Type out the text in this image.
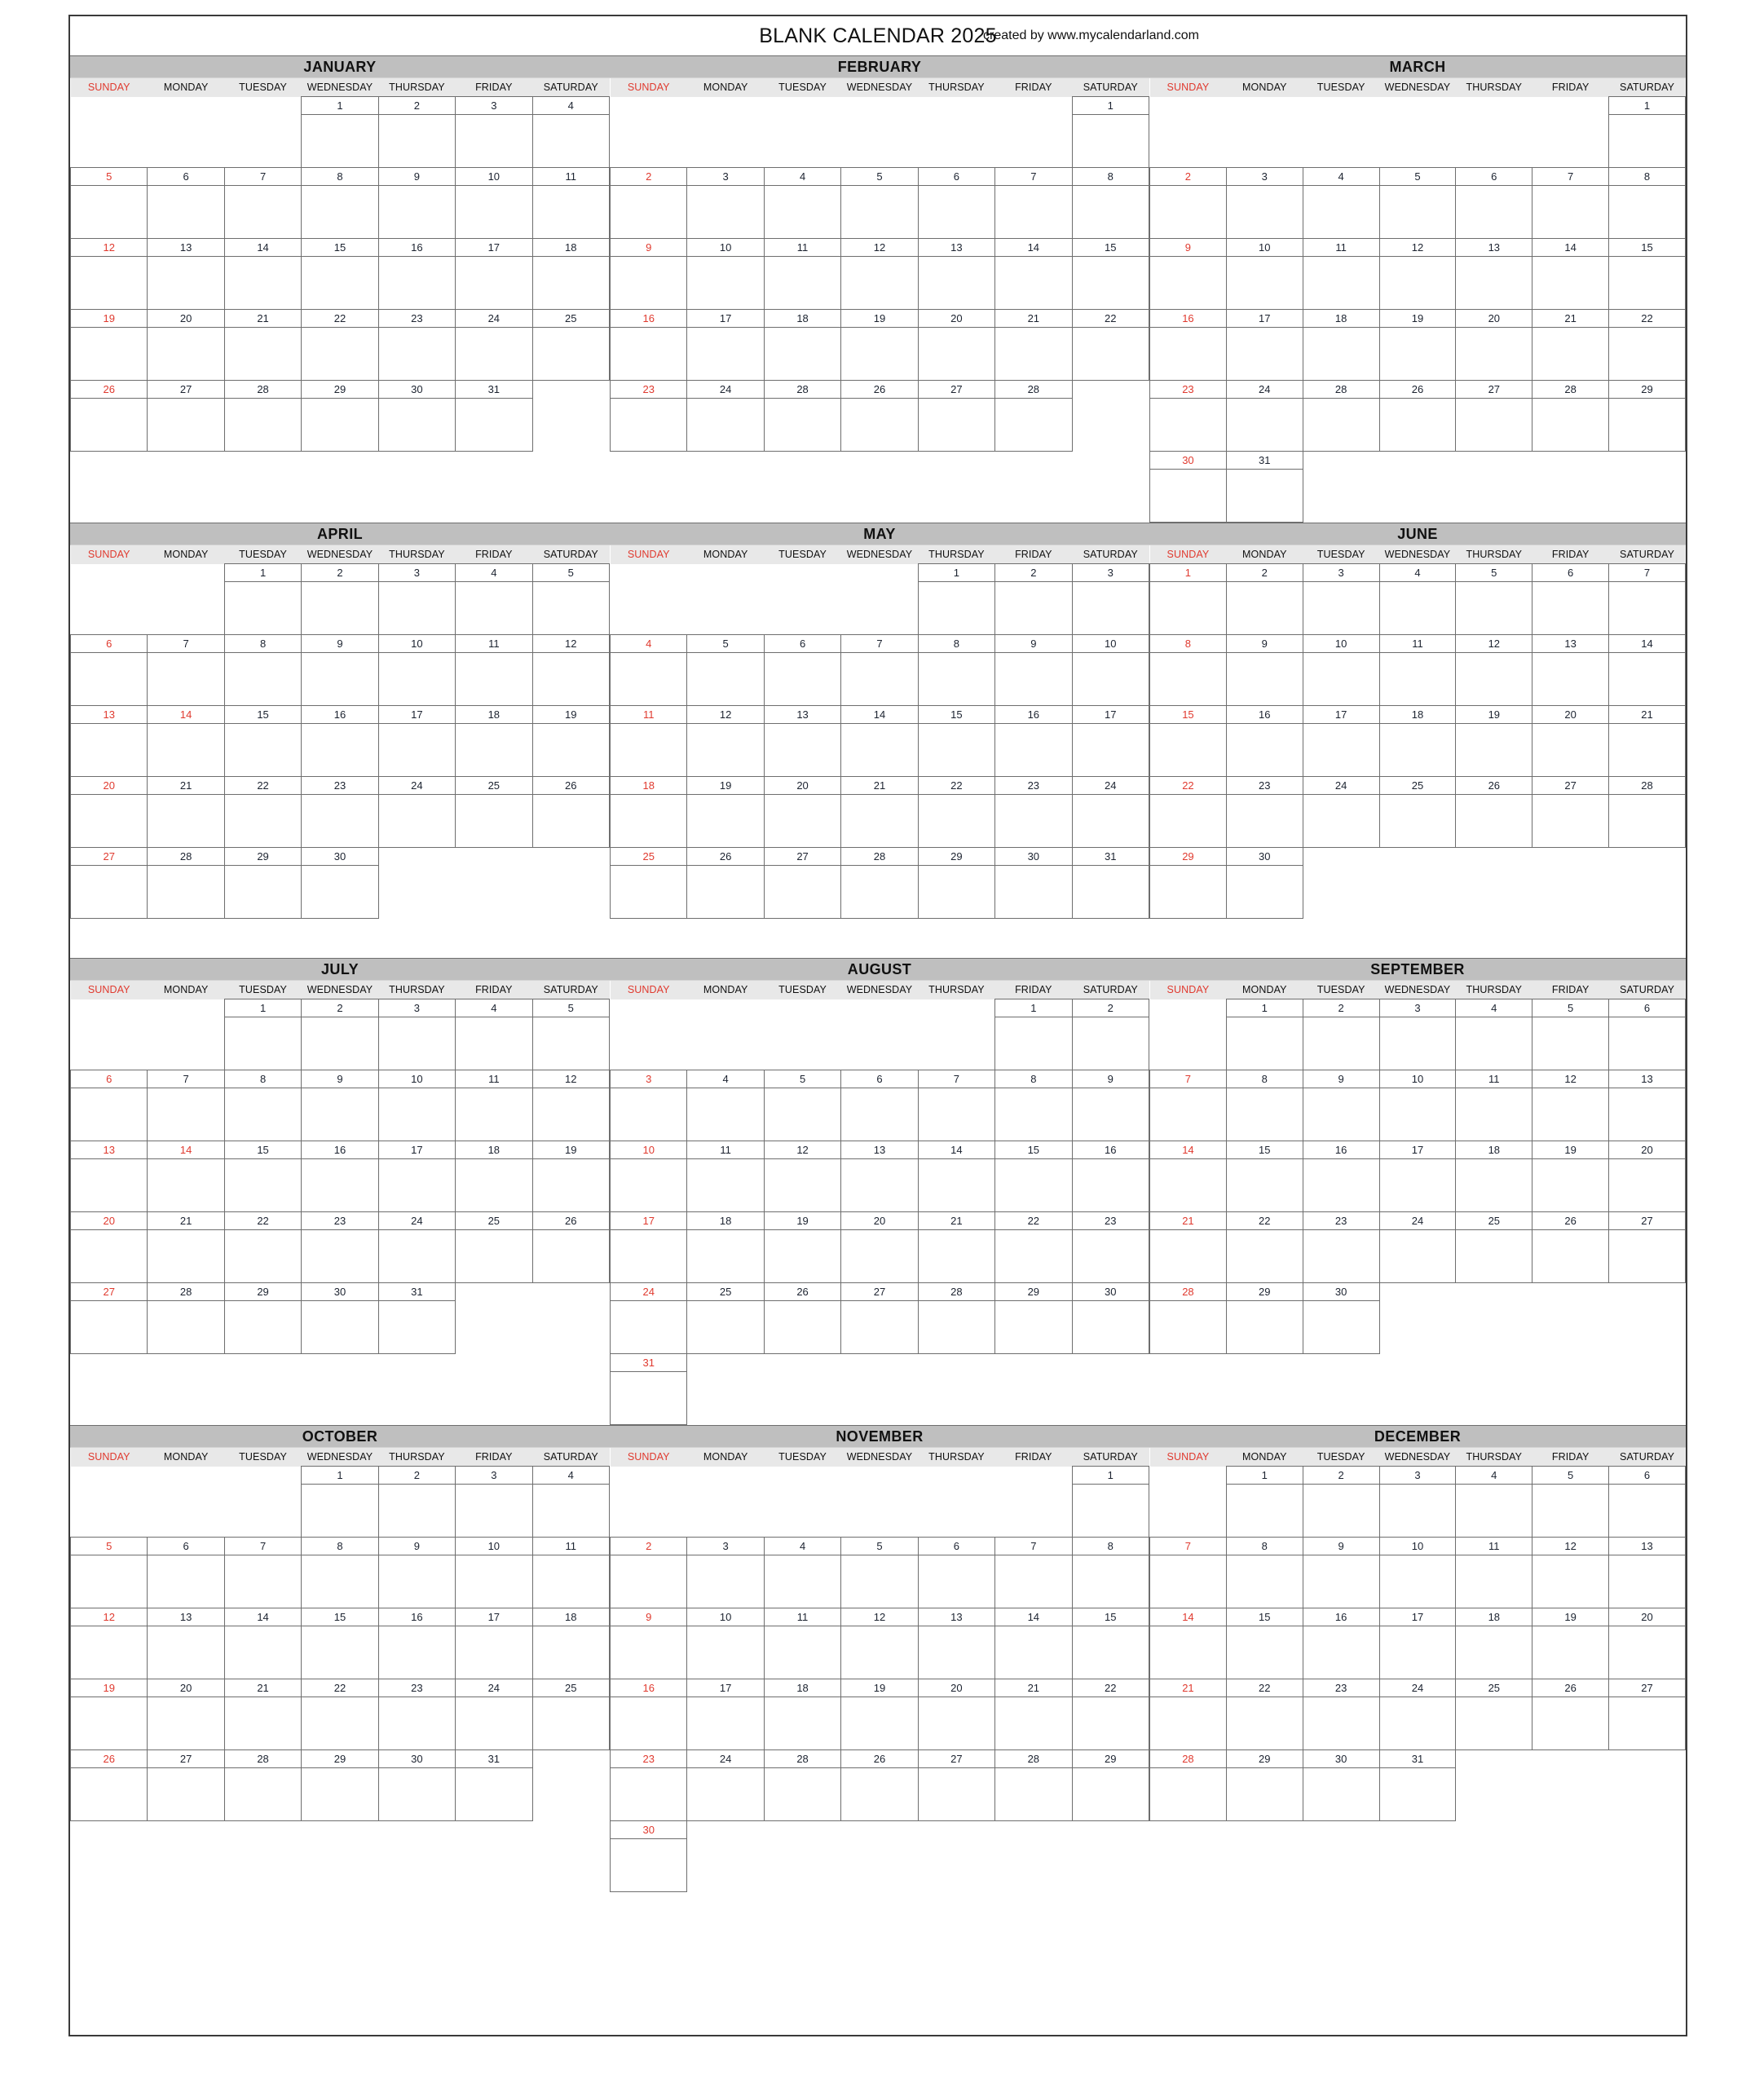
BLANK CALENDAR 2025
created by www.mycalendarland.com
JANUARY
SUNDAY	MONDAY	TUESDAY	WEDNESDAY	THURSDAY	FRIDAY	SATURDAY
			1	2	3	4

5	6	7	8	9	10	11

12	13	14	15	16	17	18

19	20	21	22	23	24	25

26	27	28	29	30	31	

FEBRUARY
SUNDAY	MONDAY	TUESDAY	WEDNESDAY	THURSDAY	FRIDAY	SATURDAY
						1

2	3	4	5	6	7	8

9	10	11	12	13	14	15

16	17	18	19	20	21	22

23	24	28	26	27	28	

MARCH
SUNDAY	MONDAY	TUESDAY	WEDNESDAY	THURSDAY	FRIDAY	SATURDAY
						1

2	3	4	5	6	7	8

9	10	11	12	13	14	15

16	17	18	19	20	21	22

23	24	28	26	27	28	29

30	31					

APRIL
SUNDAY	MONDAY	TUESDAY	WEDNESDAY	THURSDAY	FRIDAY	SATURDAY
		1	2	3	4	5

6	7	8	9	10	11	12

13	14	15	16	17	18	19

20	21	22	23	24	25	26

27	28	29	30			

MAY
SUNDAY	MONDAY	TUESDAY	WEDNESDAY	THURSDAY	FRIDAY	SATURDAY
				1	2	3

4	5	6	7	8	9	10

11	12	13	14	15	16	17

18	19	20	21	22	23	24

25	26	27	28	29	30	31

JUNE
SUNDAY	MONDAY	TUESDAY	WEDNESDAY	THURSDAY	FRIDAY	SATURDAY
1	2	3	4	5	6	7

8	9	10	11	12	13	14

15	16	17	18	19	20	21

22	23	24	25	26	27	28

29	30					

JULY
SUNDAY	MONDAY	TUESDAY	WEDNESDAY	THURSDAY	FRIDAY	SATURDAY
		1	2	3	4	5

6	7	8	9	10	11	12

13	14	15	16	17	18	19

20	21	22	23	24	25	26

27	28	29	30	31		

AUGUST
SUNDAY	MONDAY	TUESDAY	WEDNESDAY	THURSDAY	FRIDAY	SATURDAY
					1	2

3	4	5	6	7	8	9

10	11	12	13	14	15	16

17	18	19	20	21	22	23

24	25	26	27	28	29	30

31						

SEPTEMBER
SUNDAY	MONDAY	TUESDAY	WEDNESDAY	THURSDAY	FRIDAY	SATURDAY
	1	2	3	4	5	6

7	8	9	10	11	12	13

14	15	16	17	18	19	20

21	22	23	24	25	26	27

28	29	30				

OCTOBER
SUNDAY	MONDAY	TUESDAY	WEDNESDAY	THURSDAY	FRIDAY	SATURDAY
			1	2	3	4

5	6	7	8	9	10	11

12	13	14	15	16	17	18

19	20	21	22	23	24	25

26	27	28	29	30	31	

NOVEMBER
SUNDAY	MONDAY	TUESDAY	WEDNESDAY	THURSDAY	FRIDAY	SATURDAY
						1

2	3	4	5	6	7	8

9	10	11	12	13	14	15

16	17	18	19	20	21	22

23	24	28	26	27	28	29

30						

DECEMBER
SUNDAY	MONDAY	TUESDAY	WEDNESDAY	THURSDAY	FRIDAY	SATURDAY
	1	2	3	4	5	6

7	8	9	10	11	12	13

14	15	16	17	18	19	20

21	22	23	24	25	26	27

28	29	30	31			
